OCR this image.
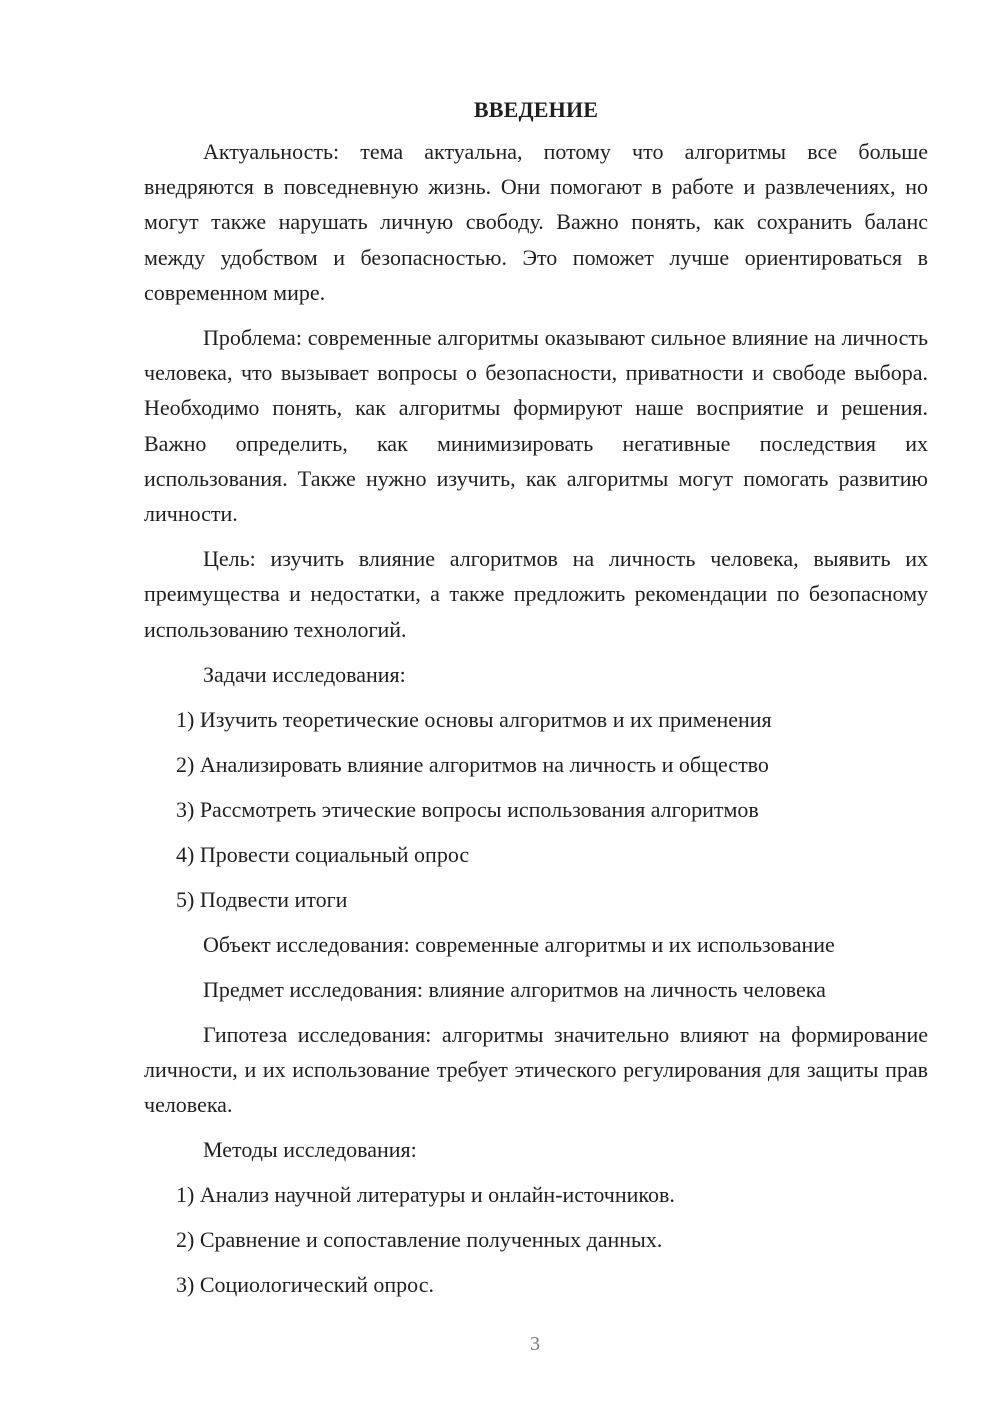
ВВЕДЕНИЕ

Актуальность: тема актуальна, потому что алгоритмы все больше внедряются в повседневную жизнь. Они помогают в работе и развлечениях, но могут также нарушать личную свободу. Важно понять, как сохранить баланс между удобством и безопасностью. Это поможет лучше ориентироваться в современном мире.

Проблема: современные алгоритмы оказывают сильное влияние на личность человека, что вызывает вопросы о безопасности, приватности и свободе выбора. Необходимо понять, как алгоритмы формируют наше восприятие и решения. Важно определить, как минимизировать негативные последствия их использования. Также нужно изучить, как алгоритмы могут помогать развитию личности.

Цель: изучить влияние алгоритмов на личность человека, выявить их преимущества и недостатки, а также предложить рекомендации по безопасному использованию технологий.

Задачи исследования:
1) Изучить теоретические основы алгоритмов и их применения
2) Анализировать влияние алгоритмов на личность и общество
3) Рассмотреть этические вопросы использования алгоритмов
4) Провести социальный опрос
5) Подвести итоги
Объект исследования: современные алгоритмы и их использование
Предмет исследования: влияние алгоритмов на личность человека

Гипотеза исследования: алгоритмы значительно влияют на формирование личности, и их использование требует этического регулирования для защиты прав человека.

Методы исследования:
1) Анализ научной литературы и онлайн-источников.
2) Сравнение и сопоставление полученных данных.
3) Социологический опрос.
3
